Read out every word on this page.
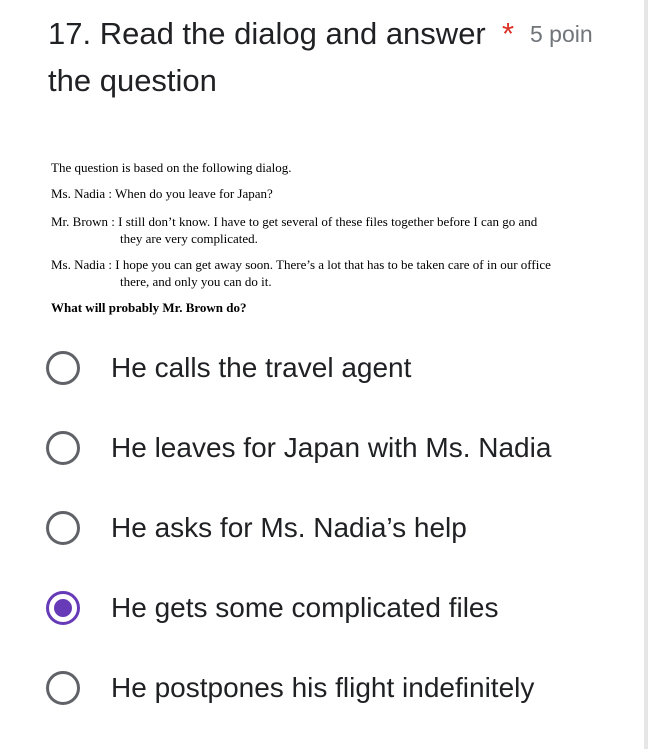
17. Read the dialog and answer the question
* 5 poin
The question is based on the following dialog.
Ms. Nadia : When do you leave for Japan?
Mr. Brown : I still don’t know. I have to get several of these files together before I can go and
they are very complicated.
Ms. Nadia : I hope you can get away soon. There’s a lot that has to be taken care of in our office
there, and only you can do it.
What will probably Mr. Brown do?
He calls the travel agent
He leaves for Japan with Ms. Nadia
He asks for Ms. Nadia’s help
He gets some complicated files
He postpones his flight indefinitely
